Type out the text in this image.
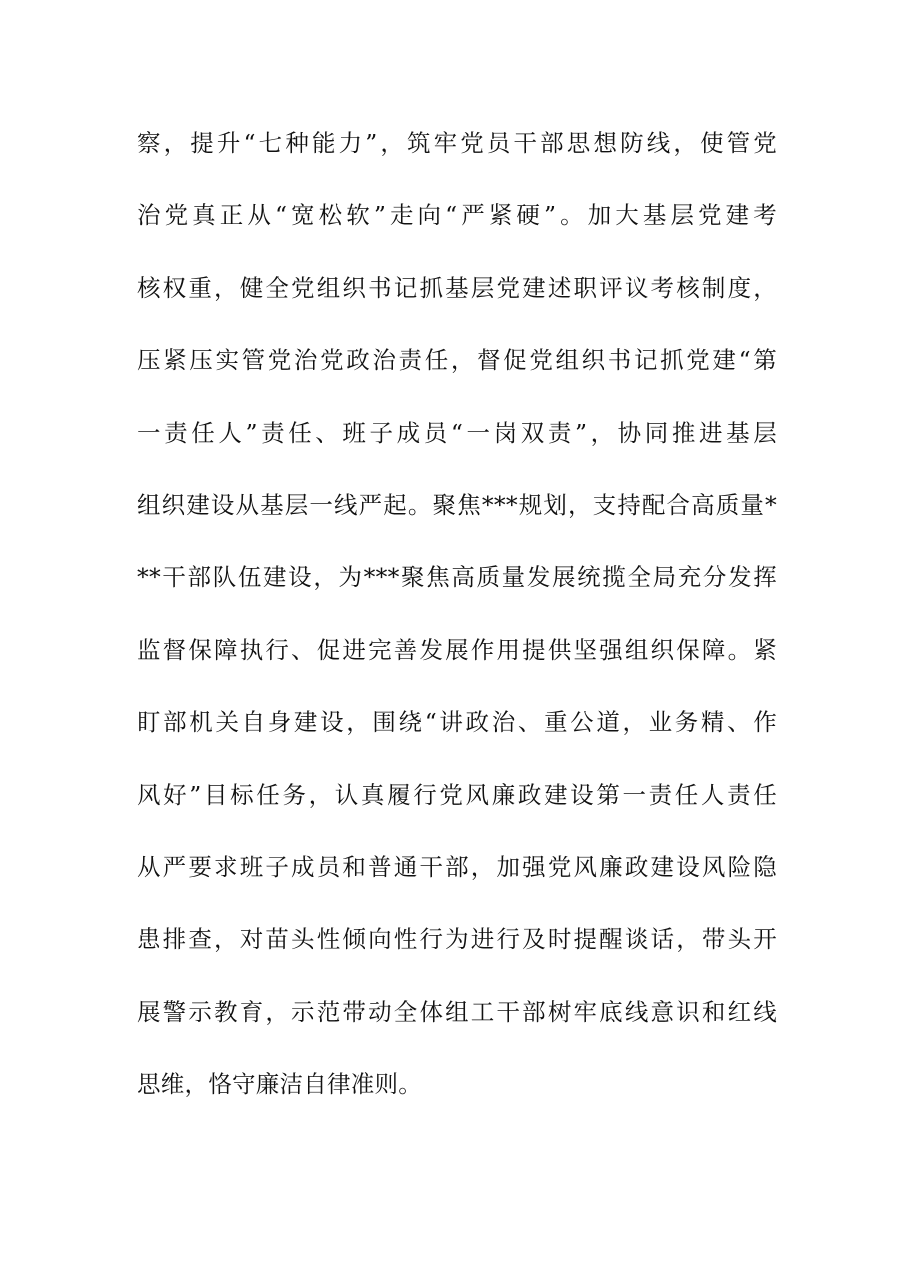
察，提升“七种能力”，筑牢党员干部思想防线，使管党
治党真正从“宽松软”走向“严紧硬”。加大基层党建考
核权重，健全党组织书记抓基层党建述职评议考核制度，
压紧压实管党治党政治责任，督促党组织书记抓党建“第
一责任人”责任、班子成员“一岗双责”，协同推进基层
组织建设从基层一线严起。聚焦***规划，支持配合高质量*
**干部队伍建设，为***聚焦高质量发展统揽全局充分发挥
监督保障执行、促进完善发展作用提供坚强组织保障。紧
盯部机关自身建设，围绕“讲政治、重公道，业务精、作
风好”目标任务，认真履行党风廉政建设第一责任人责任
从严要求班子成员和普通干部，加强党风廉政建设风险隐
患排查，对苗头性倾向性行为进行及时提醒谈话，带头开
展警示教育，示范带动全体组工干部树牢底线意识和红线
思维，恪守廉洁自律准则。
